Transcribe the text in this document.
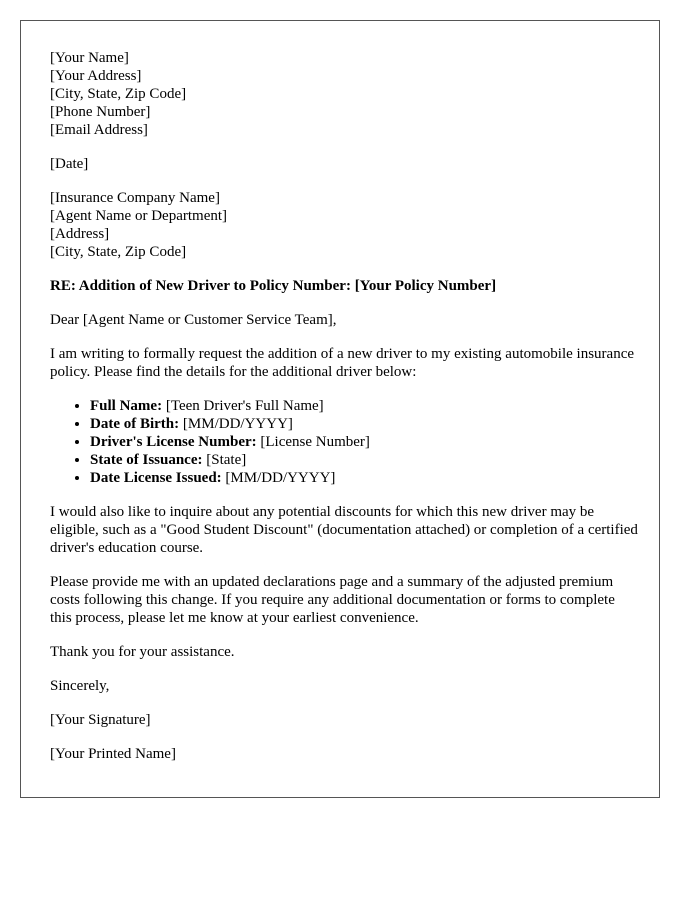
[Your Name]
[Your Address]
[City, State, Zip Code]
[Phone Number]
[Email Address]

[Date]

[Insurance Company Name]
[Agent Name or Department]
[Address]
[City, State, Zip Code]

RE: Addition of New Driver to Policy Number: [Your Policy Number]

Dear [Agent Name or Customer Service Team],

I am writing to formally request the addition of a new driver to my existing automobile insurance policy. Please find the details for the additional driver below:

• Full Name: [Teen Driver's Full Name]
• Date of Birth: [MM/DD/YYYY]
• Driver's License Number: [License Number]
• State of Issuance: [State]
• Date License Issued: [MM/DD/YYYY]

I would also like to inquire about any potential discounts for which this new driver may be eligible, such as a "Good Student Discount" (documentation attached) or completion of a certified driver's education course.

Please provide me with an updated declarations page and a summary of the adjusted premium costs following this change. If you require any additional documentation or forms to complete this process, please let me know at your earliest convenience.

Thank you for your assistance.

Sincerely,

[Your Signature]

[Your Printed Name]
